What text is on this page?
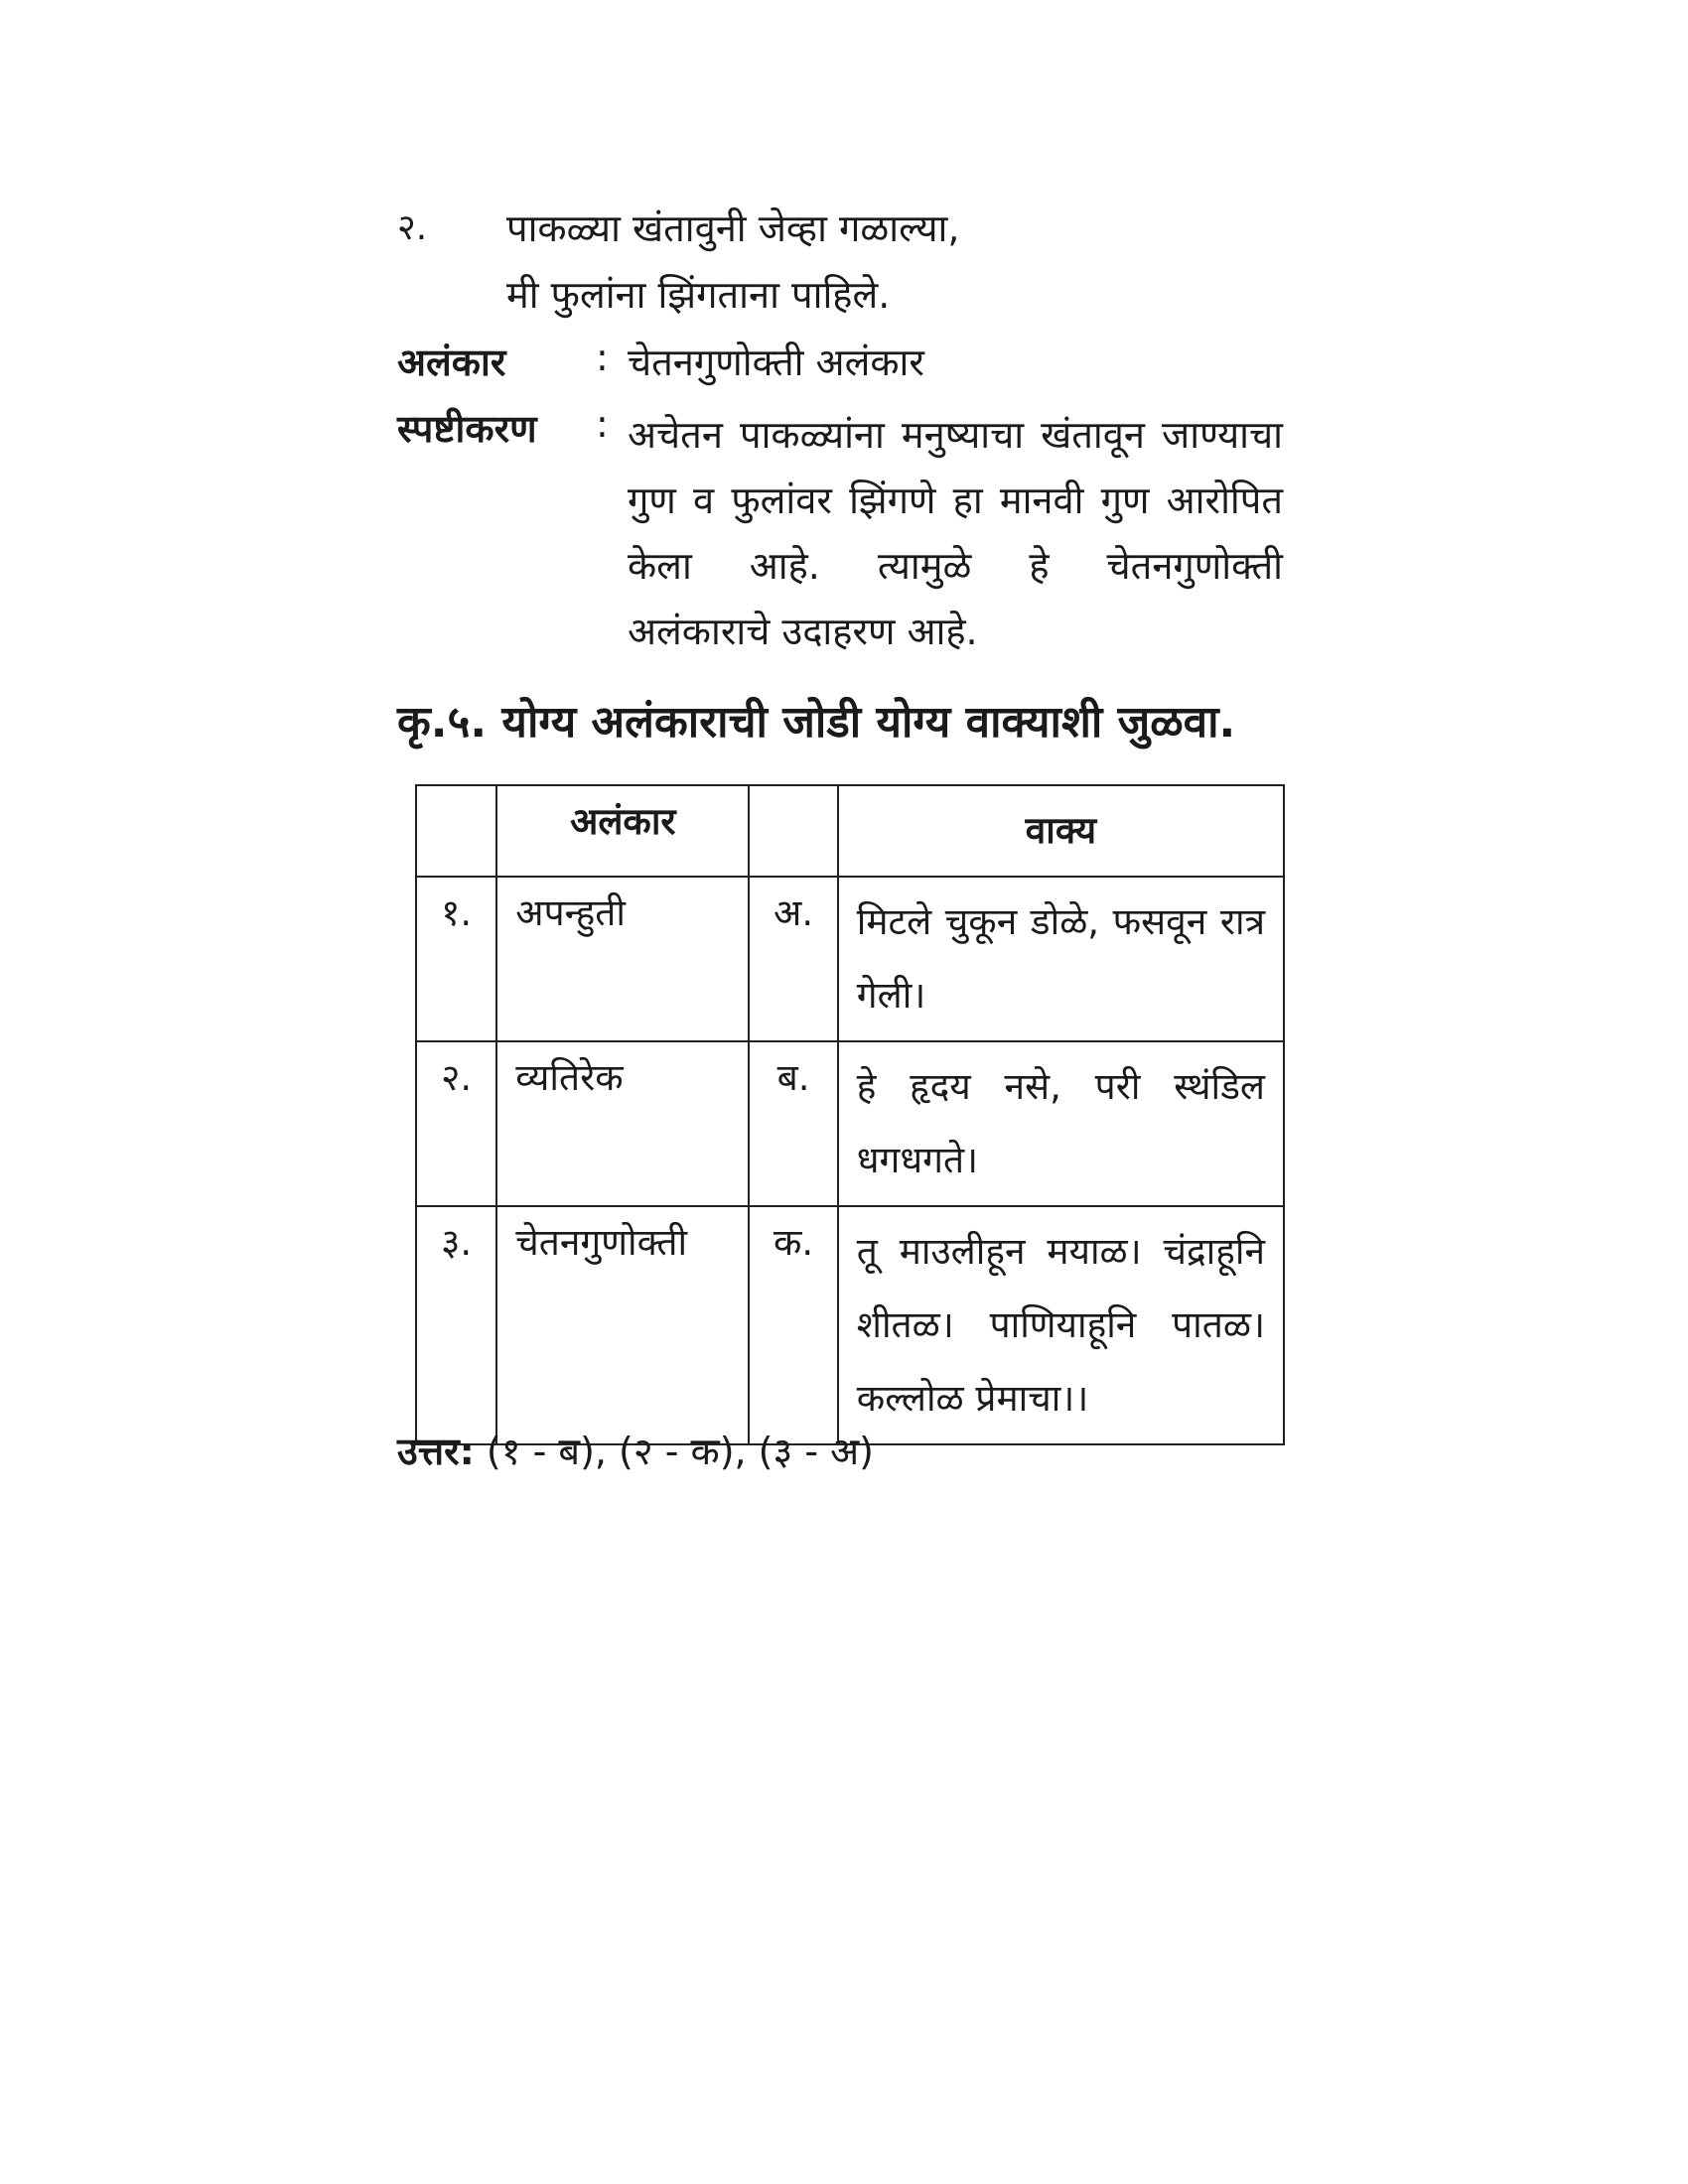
२. पाकळ्या खंतावुनी जेव्हा गळाल्या,
मी फुलांना झिंगताना पाहिले.
अलंकार : चेतनगुणोक्ती अलंकार
स्पष्टीकरण : अचेतन पाकळ्यांना मनुष्याचा खंतावून जाण्याचा
गुण व फुलांवर झिंगणे हा मानवी गुण आरोपित
केला आहे. त्यामुळे हे चेतनगुणोक्ती
अलंकाराचे उदाहरण आहे.
कृ.५. योग्य अलंकाराची जोडी योग्य वाक्याशी जुळवा.
	अलंकार		वाक्य
१.	अपन्हुती	अ.	मिटले चुकून डोळे, फसवून रात्र गेली।
२.	व्यतिरेक	ब.	हे हृदय नसे, परी स्थंडिल धगधगते।
३.	चेतनगुणोक्ती	क.	तू माउलीहून मयाळ। चंद्राहूनि शीतळ। पाणियाहूनि पातळ। कल्लोळ प्रेमाचा।।
उत्तर: (१ - ब), (२ - क), (३ - अ)
